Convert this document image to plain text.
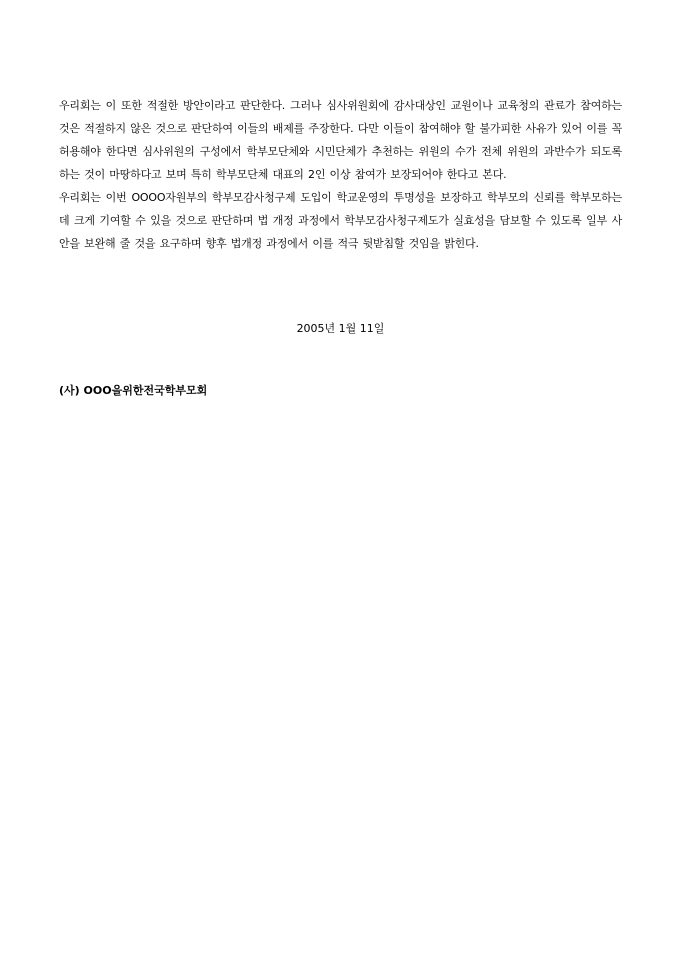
우리회는 이 또한 적절한 방안이라고 판단한다. 그러나 심사위원회에 감사대상인 교원이나 교육청의 관료가 참여하는 것은 적절하지 않은 것으로 판단하여 이들의 배제를 주장한다. 다만 이들이 참여해야 할 불가피한 사유가 있어 이를 꼭 허용해야 한다면 심사위원의 구성에서 학부모단체와 시민단체가 추천하는 위원의 수가 전체 위원의 과반수가 되도록 하는 것이 마땅하다고 보며 특히 학부모단체 대표의 2인 이상 참여가 보장되어야 한다고 본다.

우리회는 이번 OOOO자원부의 학부모감사청구제 도입이 학교운영의 투명성을 보장하고 학부모의 신뢰를 학부모하는 데 크게 기여할 수 있을 것으로 판단하며 법 개정 과정에서 학부모감사청구제도가 실효성을 담보할 수 있도록 일부 사안을 보완해 줄 것을 요구하며 향후 법개정 과정에서 이를 적극 뒷받침할 것임을 밝힌다.

2005년 1월 11일
(사) OOO을위한전국학부모회
